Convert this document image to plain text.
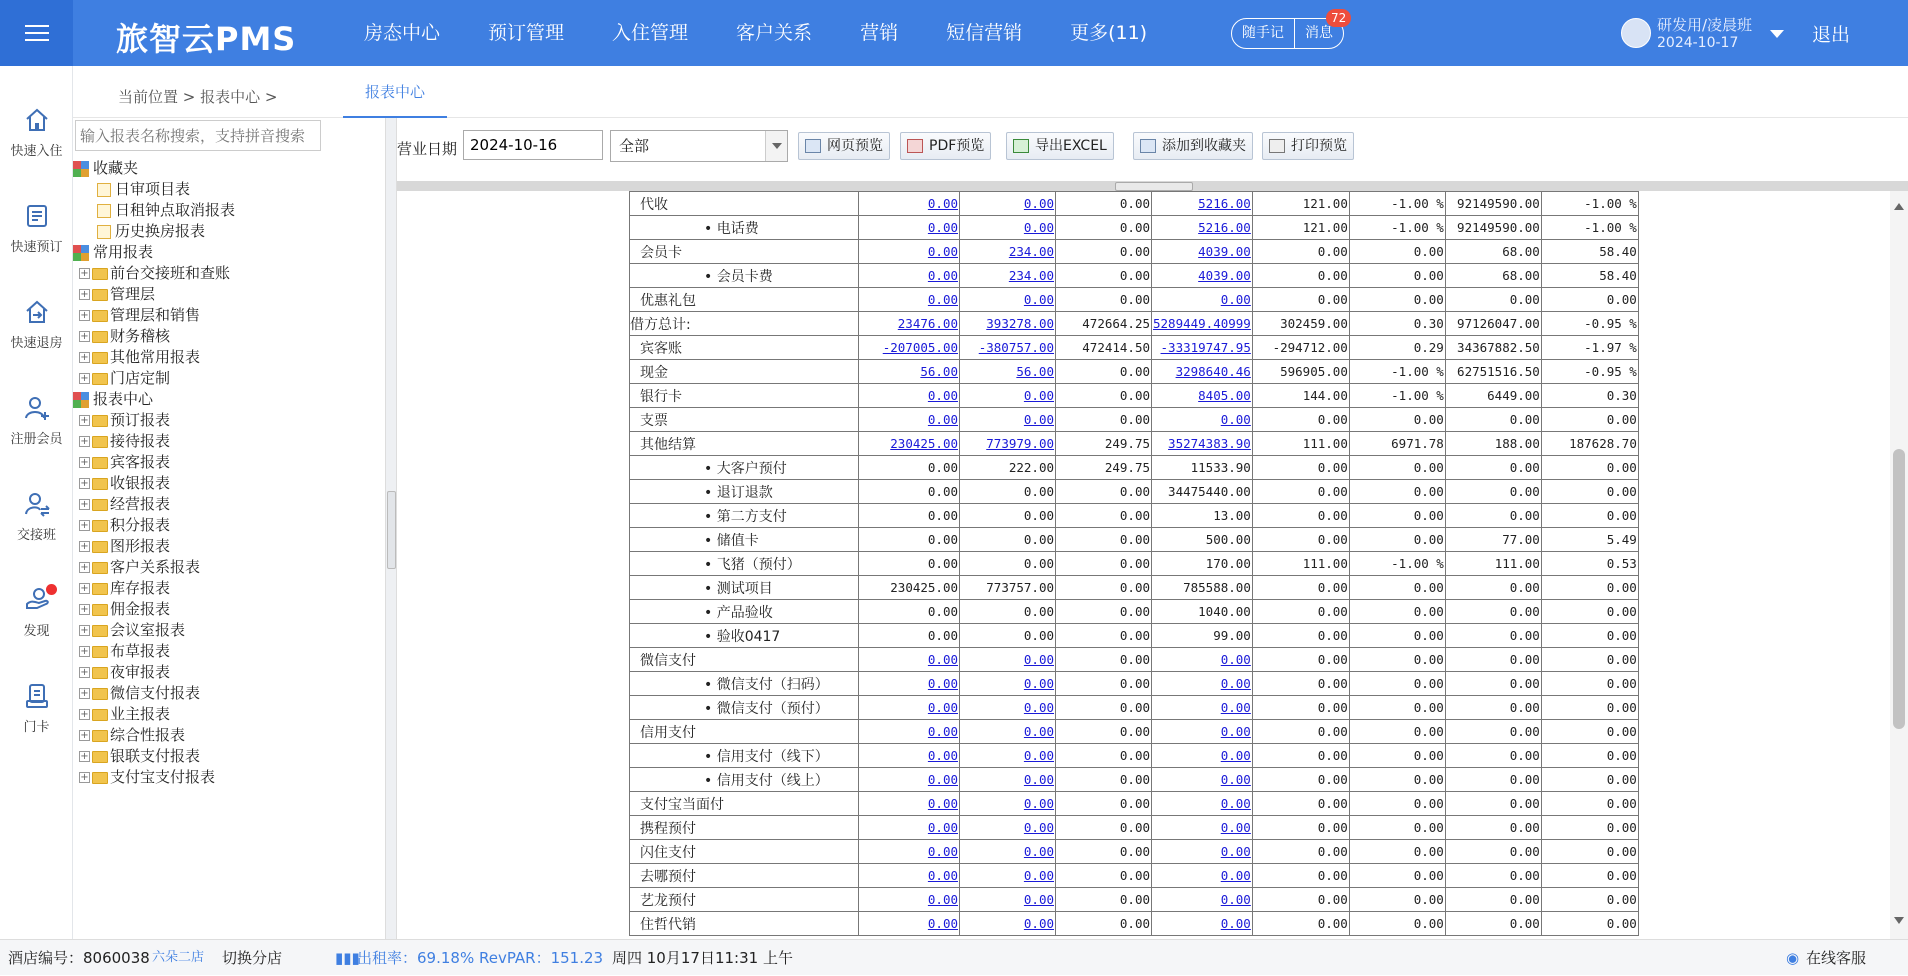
旅智云PMS	房态中心	预订管理	入住管理	客户关系	营销	短信营销	更多(11)	随手记	消息
72	研发用/凌晨班
2024-10-17	退出
快速入住
快速预订
快速退房
注册会员
交接班
发现
门卡
当前位置 > 报表中心 >	报表中心
输入报表名称搜索，支持拼音搜索
收藏夹
日审项目表
日租钟点取消报表
历史换房报表
常用报表
+ 前台交接班和查账
+ 管理层
+ 管理层和销售
+ 财务稽核
+ 其他常用报表
+ 门店定制
报表中心
+ 预订报表
+ 接待报表
+ 宾客报表
+ 收银报表
+ 经营报表
+ 积分报表
+ 图形报表
+ 客户关系报表
+ 库存报表
+ 佣金报表
+ 会议室报表
+ 布草报表
+ 夜审报表
+ 微信支付报表
+ 业主报表
+ 综合性报表
+ 银联支付报表
+ 支付宝支付报表
营业日期
2024-10-16	全部	网页预览	PDF预览	导出EXCEL	添加到收藏夹	打印预览
代收	0.00	0.00	0.00	5216.00	121.00	-1.00 %	92149590.00	-1.00 %
• 电话费	0.00	0.00	0.00	5216.00	121.00	-1.00 %	92149590.00	-1.00 %
会员卡	0.00	234.00	0.00	4039.00	0.00	0.00	68.00	58.40
• 会员卡费	0.00	234.00	0.00	4039.00	0.00	0.00	68.00	58.40
优惠礼包	0.00	0.00	0.00	0.00	0.00	0.00	0.00	0.00
借方总计:	23476.00	393278.00	472664.25	5289449.40999	302459.00	0.30	97126047.00	-0.95 %
宾客账	-207005.00	-380757.00	472414.50	-33319747.95	-294712.00	0.29	34367882.50	-1.97 %
现金	56.00	56.00	0.00	3298640.46	596905.00	-1.00 %	62751516.50	-0.95 %
银行卡	0.00	0.00	0.00	8405.00	144.00	-1.00 %	6449.00	0.30
支票	0.00	0.00	0.00	0.00	0.00	0.00	0.00	0.00
其他结算	230425.00	773979.00	249.75	35274383.90	111.00	6971.78	188.00	187628.70
• 大客户预付	0.00	222.00	249.75	11533.90	0.00	0.00	0.00	0.00
• 退订退款	0.00	0.00	0.00	34475440.00	0.00	0.00	0.00	0.00
• 第二方支付	0.00	0.00	0.00	13.00	0.00	0.00	0.00	0.00
• 储值卡	0.00	0.00	0.00	500.00	0.00	0.00	77.00	5.49
• 飞猪（预付）	0.00	0.00	0.00	170.00	111.00	-1.00 %	111.00	0.53
• 测试项目	230425.00	773757.00	0.00	785588.00	0.00	0.00	0.00	0.00
• 产品验收	0.00	0.00	0.00	1040.00	0.00	0.00	0.00	0.00
• 验收0417	0.00	0.00	0.00	99.00	0.00	0.00	0.00	0.00
微信支付	0.00	0.00	0.00	0.00	0.00	0.00	0.00	0.00
• 微信支付（扫码）	0.00	0.00	0.00	0.00	0.00	0.00	0.00	0.00
• 微信支付（预付）	0.00	0.00	0.00	0.00	0.00	0.00	0.00	0.00
信用支付	0.00	0.00	0.00	0.00	0.00	0.00	0.00	0.00
• 信用支付（线下）	0.00	0.00	0.00	0.00	0.00	0.00	0.00	0.00
• 信用支付（线上）	0.00	0.00	0.00	0.00	0.00	0.00	0.00	0.00
支付宝当面付	0.00	0.00	0.00	0.00	0.00	0.00	0.00	0.00
携程预付	0.00	0.00	0.00	0.00	0.00	0.00	0.00	0.00
闪住支付	0.00	0.00	0.00	0.00	0.00	0.00	0.00	0.00
去哪预付	0.00	0.00	0.00	0.00	0.00	0.00	0.00	0.00
艺龙预付	0.00	0.00	0.00	0.00	0.00	0.00	0.00	0.00
住哲代销	0.00	0.00	0.00	0.00	0.00	0.00	0.00	0.00
酒店编号：8060038 六朵二店 切换分店	▮▮▮
出租率：69.18% RevPAR：151.23 周四 10月17日11:31 上午	◉ 在线客服
